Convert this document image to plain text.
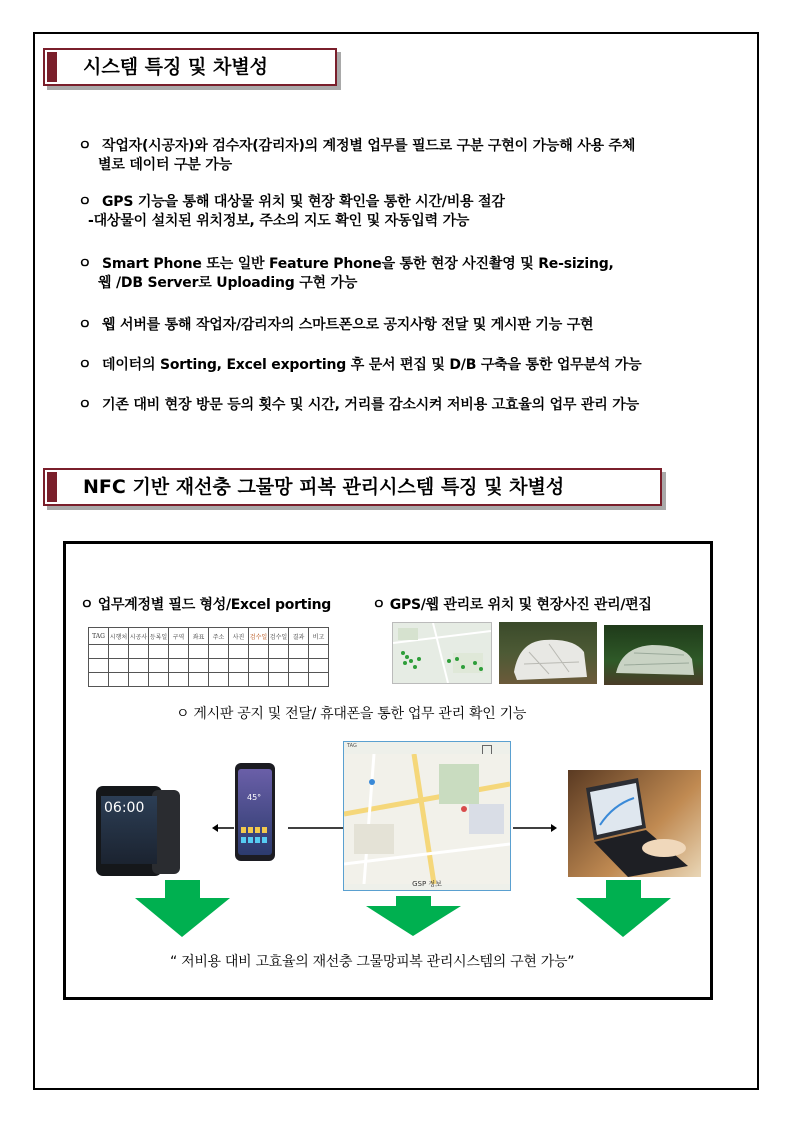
시스템 특징 및 차별성
ㅇ 작업자(시공자)와 검수자(감리자)의 계정별 업무를 필드로 구분 구현이 가능해 사용 주체
별로 데이터 구분 가능
ㅇ GPS 기능을 통해 대상물 위치 및 현장 확인을 통한 시간/비용 절감
-대상물이 설치된 위치정보, 주소의 지도 확인 및 자동입력 가능
ㅇ Smart Phone 또는 일반 Feature Phone을 통한 현장 사진촬영 및 Re-sizing,
웹 /DB Server로 Uploading 구현 가능
ㅇ 웹 서버를 통해 작업자/감리자의 스마트폰으로 공지사항 전달 및 게시판 기능 구현
ㅇ 데이터의 Sorting, Excel exporting 후 문서 편집 및 D/B 구축을 통한 업무분석 가능
ㅇ 기존 대비 현장 방문 등의 횟수 및 시간, 거리를 감소시켜 저비용 고효율의 업무 관리 가능
NFC 기반 재선충 그물망 피복 관리시스템 특징 및 차별성
ㅇ 업무계정별 필드 형성/Excel porting	ㅇ GPS/웹 관리로 위치 및 현장사진 관리/편집
TAG	시행처	시공사	등록일	구역	좌표	주소	사진	검수일	검수일	결과	비고

ㅇ 게시판 공지 및 전달/ 휴대폰을 통한 업무 관리 확인 기능
06:00
45°
TAG
GSP 정보
“ 저비용 대비 고효율의 재선충 그물망피복 관리시스템의 구현 가능”
